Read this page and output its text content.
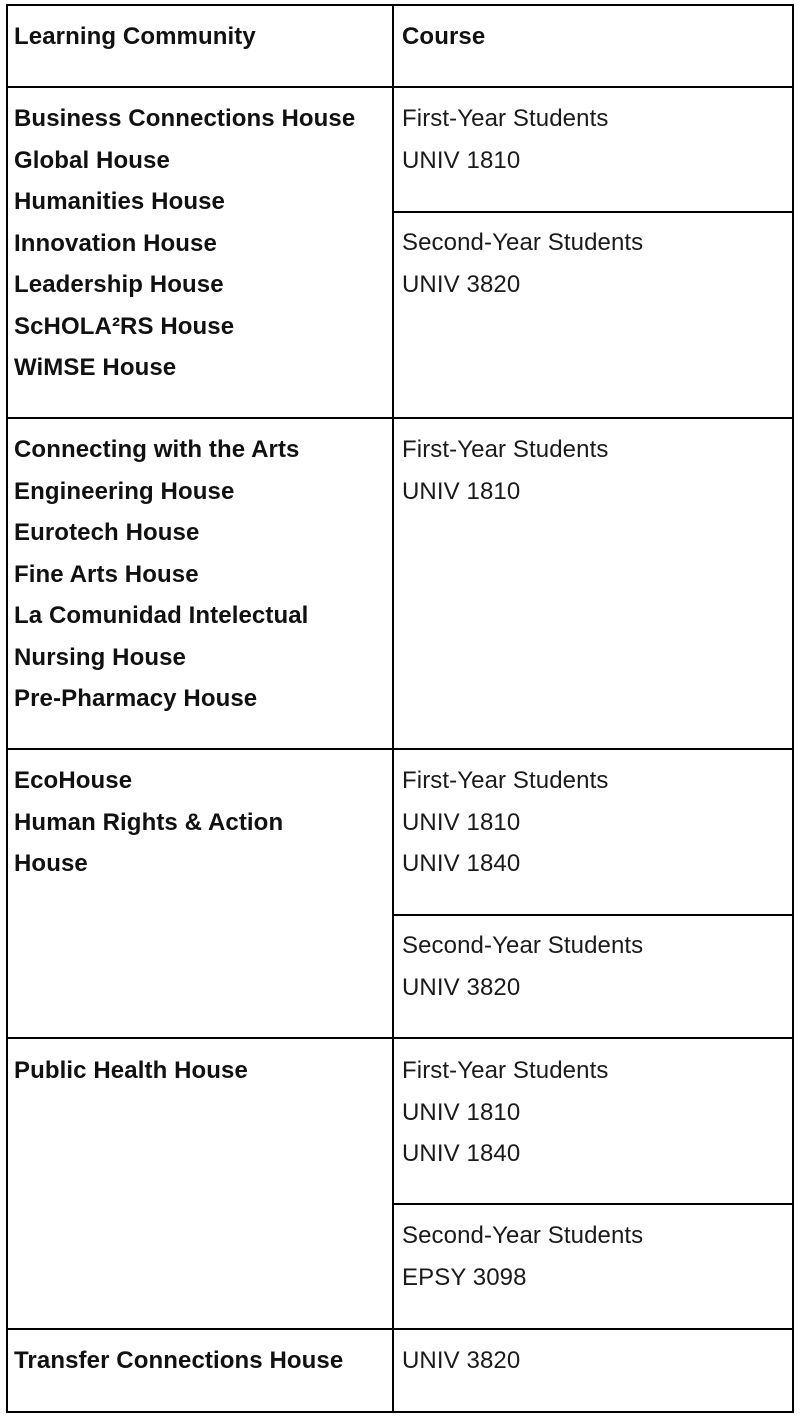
Learning Community	Course
Business Connections House
Global House
Humanities House
Innovation House
Leadership House
ScHOLA²RS House
WiMSE House
First-Year Students
UNIV 1810
Second-Year Students
UNIV 3820
Connecting with the Arts
Engineering House
Eurotech House
Fine Arts House
La Comunidad Intelectual
Nursing House
Pre-Pharmacy House
First-Year Students
UNIV 1810
EcoHouse
Human Rights & Action
House
First-Year Students
UNIV 1810
UNIV 1840
Second-Year Students
UNIV 3820
Public Health House	First-Year Students
UNIV 1810
UNIV 1840
Second-Year Students
EPSY 3098
Transfer Connections House UNIV 3820
